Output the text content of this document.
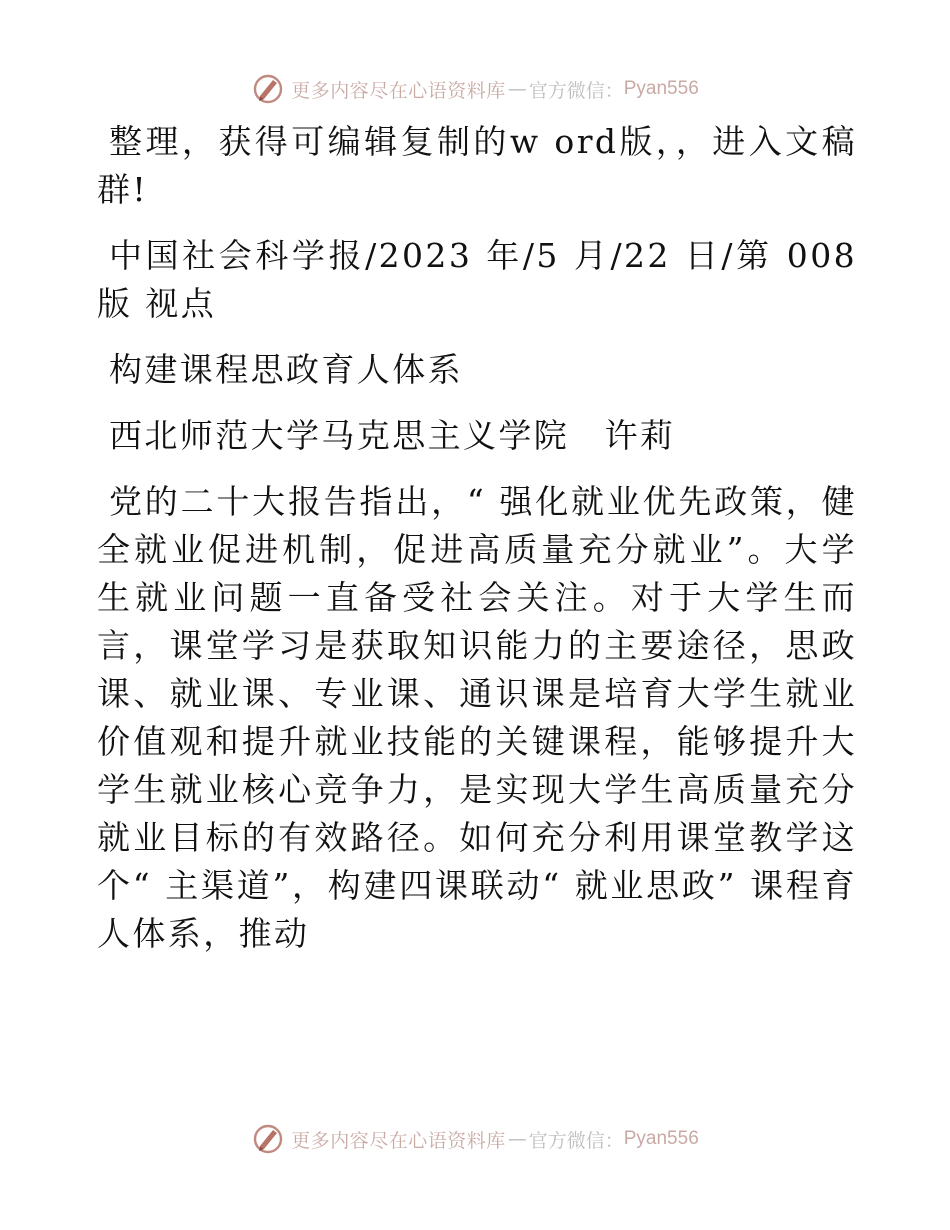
更多内容尽在心语资料库 — 官方微信： Pyan556

整理，获得可编辑复制的w ord版，，进入文稿群!

中国社会科学报/2023 年/5 月/22 日/第 008 版 视点

构建课程思政育人体系

西北师范大学马克思主义学院　许莉

党的二十大报告指出，“ 强化就业优先政策，健全就业促进机制，促进高质量充分就业”。大学生就业问题一直备受社会关注。对于大学生而言，课堂学习是获取知识能力的主要途径，思政课、就业课、专业课、通识课是培育大学生就业价值观和提升就业技能的关键课程，能够提升大学生就业核心竞争力，是实现大学生高质量充分就业目标的有效路径。如何充分利用课堂教学这个“ 主渠道”，构建四课联动“ 就业思政” 课程育人体系，推动

更多内容尽在心语资料库 — 官方微信： Pyan556
